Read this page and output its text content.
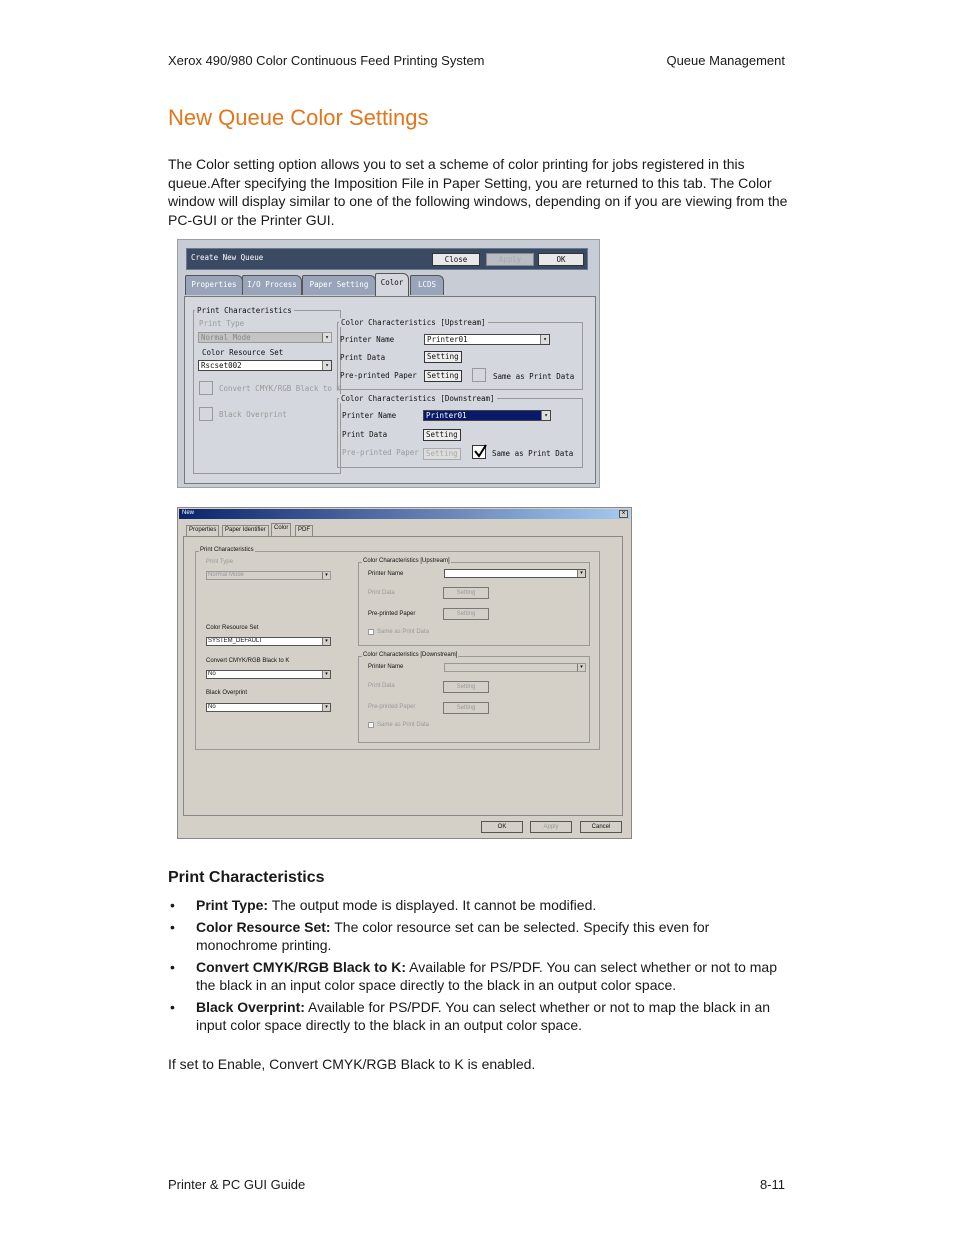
Xerox 490/980 Color Continuous Feed Printing System	Queue Management
New Queue Color Settings
The Color setting option allows you to set a scheme of color printing for jobs registered in this queue.After specifying the Imposition File in Paper Setting, you are returned to this tab. The Color window will display similar to one of the following windows, depending on if you are viewing from the PC-GUI or the Printer GUI.
Create New Queue	Close	Apply	OK
Properties	I/O Process	Paper Setting	Color	LCDS
Print Characteristics
Print Type
Normal Mode	▾
Color Resource Set
Rscset002	▾
Convert CMYK/RGB Black to K
Black Overprint
Color Characteristics [Upstream]
Printer Name	Printer01	▾
Print Data	Setting
Pre-printed Paper	Setting	Same as Print Data
Color Characteristics [Downstream]
Printer Name	Printer01	▾
Print Data	Setting
Pre-printed Paper Setting	Same as Print Data
New	×
Properties	Paper Identifier	Color	PDF
Print Characteristics
Print Type
Normal Mode	▾
Color Resource Set
SYSTEM_DEFAULT	▾
Convert CMYK/RGB Black to K
No	▾
Black Overprint
No	▾
Color Characteristics [Upstream]
Printer Name	▾
Print Data	Setting
Pre-printed Paper	Setting
Same as Print Data
Color Characteristics [Downstream]
Printer Name	▾
Print Data	Setting
Pre-printed Paper	Setting
Same as Print Data
OK	Apply	Cancel
Print Characteristics
• Print Type: The output mode is displayed. It cannot be modified.
• Color Resource Set: The color resource set can be selected. Specify this even for monochrome printing.
• Convert CMYK/RGB Black to K: Available for PS/PDF. You can select whether or not to map the black in an input color space directly to the black in an output color space.
• Black Overprint: Available for PS/PDF. You can select whether or not to map the black in an input color space directly to the black in an output color space.
If set to Enable, Convert CMYK/RGB Black to K is enabled.
Printer & PC GUI Guide	8-11
